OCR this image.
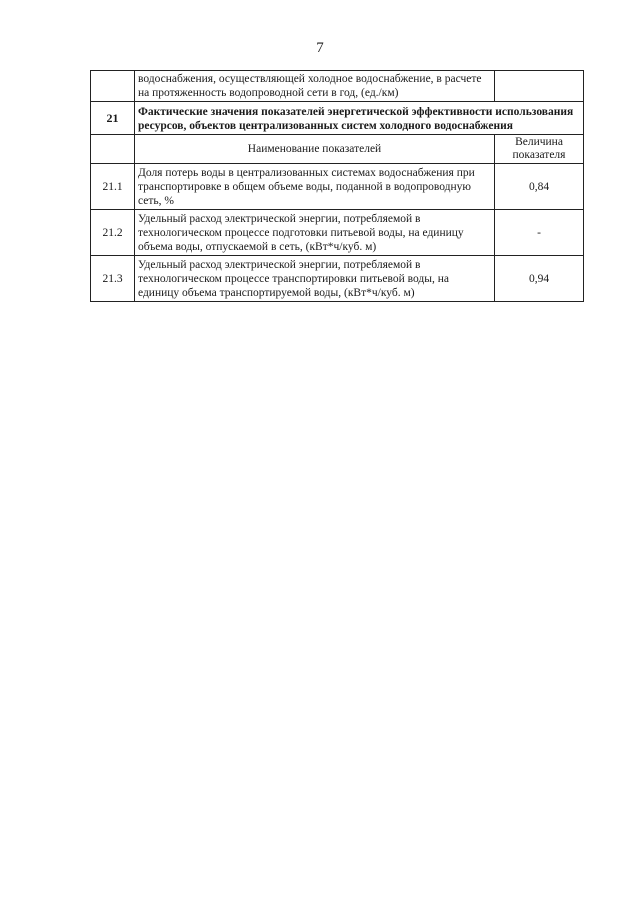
7
	водоснабжения, осуществляющей холодное водоснабжение, в расчете на протяженность водопроводной сети в год, (ед./км)	
21	Фактические значения показателей энергетической эффективности использования ресурсов, объектов централизованных систем холодного водоснабжения	
	Наименование показателей	Величина показателя
21.1	Доля потерь воды в централизованных системах водоснабжения при транспортировке в общем объеме воды, поданной в водопроводную сеть, %	0,84
21.2	Удельный расход электрической энергии, потребляемой в технологическом процессе подготовки питьевой воды, на единицу объема воды, отпускаемой в сеть, (кВт*ч/куб. м)	-
21.3	Удельный расход электрической энергии, потребляемой в технологическом процессе транспортировки питьевой воды, на единицу объема транспортируемой воды, (кВт*ч/куб. м)	0,94
